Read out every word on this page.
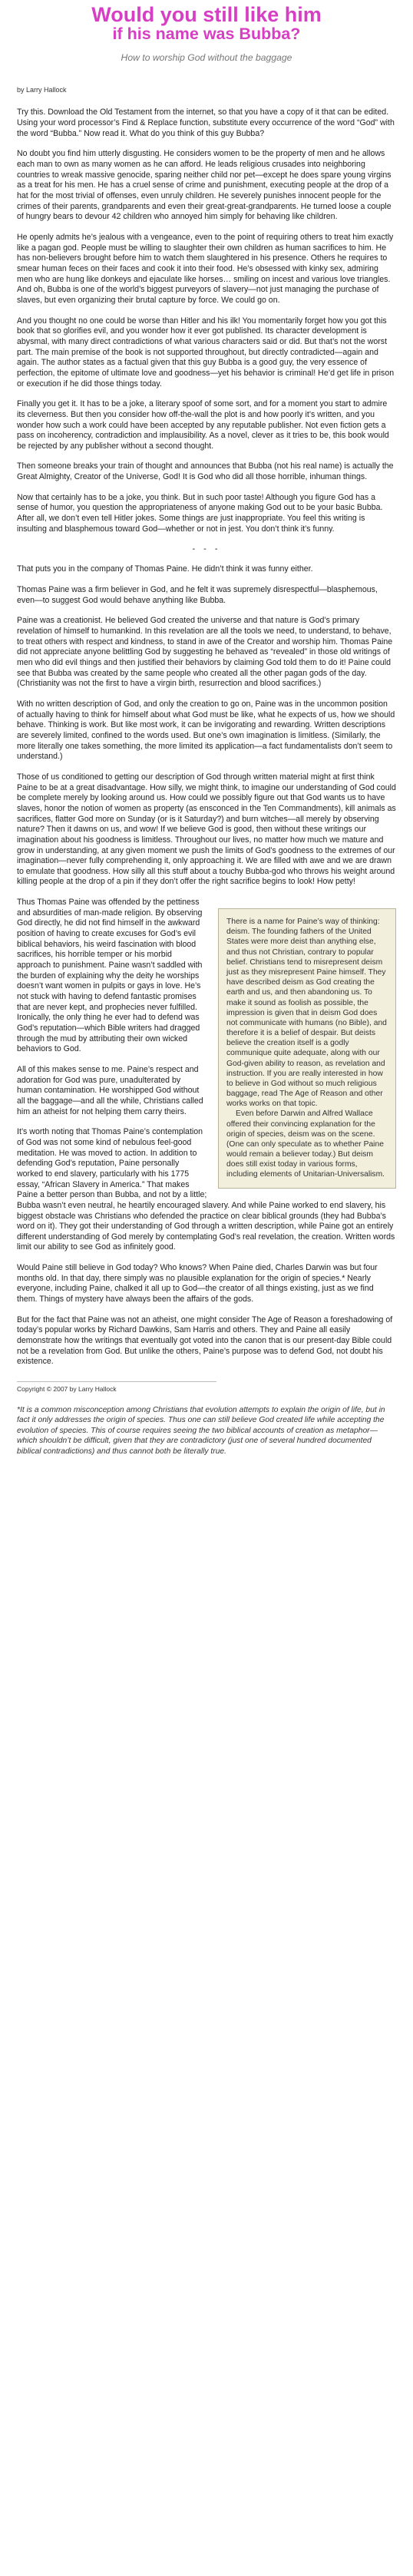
Would you still like him
if his name was Bubba?
How to worship God without the baggage
by Larry Hallock

Try this. Download the Old Testament from the internet, so that you have a copy of it that can be edited. Using your word processor’s Find & Replace function, substitute every occurrence of the word “God” with the word “Bubba.” Now read it. What do you think of this guy Bubba?

No doubt you find him utterly disgusting. He considers women to be the property of men and he allows each man to own as many women as he can afford. He leads religious crusades into neighboring countries to wreak massive genocide, sparing neither child nor pet—except he does spare young virgins as a treat for his men. He has a cruel sense of crime and punishment, executing people at the drop of a hat for the most trivial of offenses, even unruly children. He severely punishes innocent people for the crimes of their parents, grandparents and even their great-great-grandparents. He turned loose a couple of hungry bears to devour 42 children who annoyed him simply for behaving like children.

He openly admits he’s jealous with a vengeance, even to the point of requiring others to treat him exactly like a pagan god. People must be willing to slaughter their own children as human sacrifices to him. He has non-believers brought before him to watch them slaughtered in his presence. Others he requires to smear human feces on their faces and cook it into their food. He’s obsessed with kinky sex, admiring men who are hung like donkeys and ejaculate like horses… smiling on incest and various love triangles. And oh, Bubba is one of the world’s biggest purveyors of slavery—not just managing the purchase of slaves, but even organizing their brutal capture by force. We could go on.

And you thought no one could be worse than Hitler and his ilk! You momentarily forget how you got this book that so glorifies evil, and you wonder how it ever got published. Its character development is abysmal, with many direct contradictions of what various characters said or did. But that’s not the worst part. The main premise of the book is not supported throughout, but directly contradicted—again and again. The author states as a factual given that this guy Bubba is a good guy, the very essence of perfection, the epitome of ultimate love and goodness—yet his behavior is criminal! He’d get life in prison or execution if he did those things today.

Finally you get it. It has to be a joke, a literary spoof of some sort, and for a moment you start to admire its cleverness. But then you consider how off-the-wall the plot is and how poorly it’s written, and you wonder how such a work could have been accepted by any reputable publisher. Not even fiction gets a pass on incoherency, contradiction and implausibility. As a novel, clever as it tries to be, this book would be rejected by any publisher without a second thought.

Then someone breaks your train of thought and announces that Bubba (not his real name) is actually the Great Almighty, Creator of the Universe, God! It is God who did all those horrible, inhuman things.

Now that certainly has to be a joke, you think. But in such poor taste! Although you figure God has a sense of humor, you question the appropriateness of anyone making God out to be your basic Bubba. After all, we don’t even tell Hitler jokes. Some things are just inappropriate. You feel this writing is insulting and blasphemous toward God—whether or not in jest. You don’t think it’s funny.

- - -

That puts you in the company of Thomas Paine. He didn’t think it was funny either.

Thomas Paine was a firm believer in God, and he felt it was supremely disrespectful—blasphemous, even—to suggest God would behave anything like Bubba.

Paine was a creationist. He believed God created the universe and that nature is God’s primary revelation of himself to humankind. In this revelation are all the tools we need, to understand, to behave, to treat others with respect and kindness, to stand in awe of the Creator and worship him. Thomas Paine did not appreciate anyone belittling God by suggesting he behaved as “revealed” in those old writings of men who did evil things and then justified their behaviors by claiming God told them to do it! Paine could see that Bubba was created by the same people who created all the other pagan gods of the day. (Christianity was not the first to have a virgin birth, resurrection and blood sacrifices.)

With no written description of God, and only the creation to go on, Paine was in the uncommon position of actually having to think for himself about what God must be like, what he expects of us, how we should behave. Thinking is work. But like most work, it can be invigorating and rewarding. Written descriptions are severely limited, confined to the words used. But one’s own imagination is limitless. (Similarly, the more literally one takes something, the more limited its application—a fact fundamentalists don’t seem to understand.)

Those of us conditioned to getting our description of God through written material might at first think Paine to be at a great disadvantage. How silly, we might think, to imagine our understanding of God could be complete merely by looking around us. How could we possibly figure out that God wants us to have slaves, honor the notion of women as property (as ensconced in the Ten Commandments), kill animals as sacrifices, flatter God more on Sunday (or is it Saturday?) and burn witches—all merely by observing nature? Then it dawns on us, and wow! If we believe God is good, then without these writings our imagination about his goodness is limitless. Throughout our lives, no matter how much we mature and grow in understanding, at any given moment we push the limits of God’s goodness to the extremes of our imagination—never fully comprehending it, only approaching it. We are filled with awe and we are drawn to emulate that goodness. How silly all this stuff about a touchy Bubba-god who throws his weight around killing people at the drop of a pin if they don’t offer the right sacrifice begins to look! How petty!

There is a name for Paine’s way of thinking: deism. The founding fathers of the United States were more deist than anything else, and thus not Christian, contrary to popular belief. Christians tend to misrepresent deism just as they misrepresent Paine himself. They have described deism as God creating the earth and us, and then abandoning us. To make it sound as foolish as possible, the impression is given that in deism God does not communicate with humans (no Bible), and therefore it is a belief of despair. But deists believe the creation itself is a godly communique quite adequate, along with our God-given ability to reason, as revelation and instruction. If you are really interested in how to believe in God without so much religious baggage, read The Age of Reason and other works works on that topic.

Even before Darwin and Alfred Wallace offered their convincing explanation for the origin of species, deism was on the scene. (One can only speculate as to whether Paine would remain a believer today.) But deism does still exist today in various forms, including elements of Unitarian-Universalism.

Thus Thomas Paine was offended by the pettiness and absurdities of man-made religion. By observing God directly, he did not find himself in the awkward position of having to create excuses for God’s evil biblical behaviors, his weird fascination with blood sacrifices, his horrible temper or his morbid approach to punishment. Paine wasn’t saddled with the burden of explaining why the deity he worships doesn’t want women in pulpits or gays in love. He’s not stuck with having to defend fantastic promises that are never kept, and prophecies never fulfilled. Ironically, the only thing he ever had to defend was God’s reputation—which Bible writers had dragged through the mud by attributing their own wicked behaviors to God.

All of this makes sense to me. Paine’s respect and adoration for God was pure, unadulterated by human contamination. He worshipped God without all the baggage—and all the while, Christians called him an atheist for not helping them carry theirs.

It’s worth noting that Thomas Paine’s contemplation of God was not some kind of nebulous feel-good meditation. He was moved to action. In addition to defending God’s reputation, Paine personally worked to end slavery, particularly with his 1775 essay, “African Slavery in America.” That makes Paine a better person than Bubba, and not by a little; Bubba wasn’t even neutral, he heartily encouraged slavery. And while Paine worked to end slavery, his biggest obstacle was Christians who defended the practice on clear biblical grounds (they had Bubba’s word on it). They got their understanding of God through a written description, while Paine got an entirely different understanding of God merely by contemplating God’s real revelation, the creation. Written words limit our ability to see God as infinitely good.

Would Paine still believe in God today? Who knows? When Paine died, Charles Darwin was but four months old. In that day, there simply was no plausible explanation for the origin of species.* Nearly everyone, including Paine, chalked it all up to God—the creator of all things existing, just as we find them. Things of mystery have always been the affairs of the gods.

But for the fact that Paine was not an atheist, one might consider The Age of Reason a foreshadowing of today’s popular works by Richard Dawkins, Sam Harris and others. They and Paine all easily demonstrate how the writings that eventually got voted into the canon that is our present-day Bible could not be a revelation from God. But unlike the others, Paine’s purpose was to defend God, not doubt his existence.

Copyright © 2007 by Larry Hallock

*It is a common misconception among Christians that evolution attempts to explain the origin of life, but in fact it only addresses the origin of species. Thus one can still believe God created life while accepting the evolution of species. This of course requires seeing the two biblical accounts of creation as metaphor—which shouldn’t be difficult, given that they are contradictory (just one of several hundred documented biblical contradictions) and thus cannot both be literally true.
